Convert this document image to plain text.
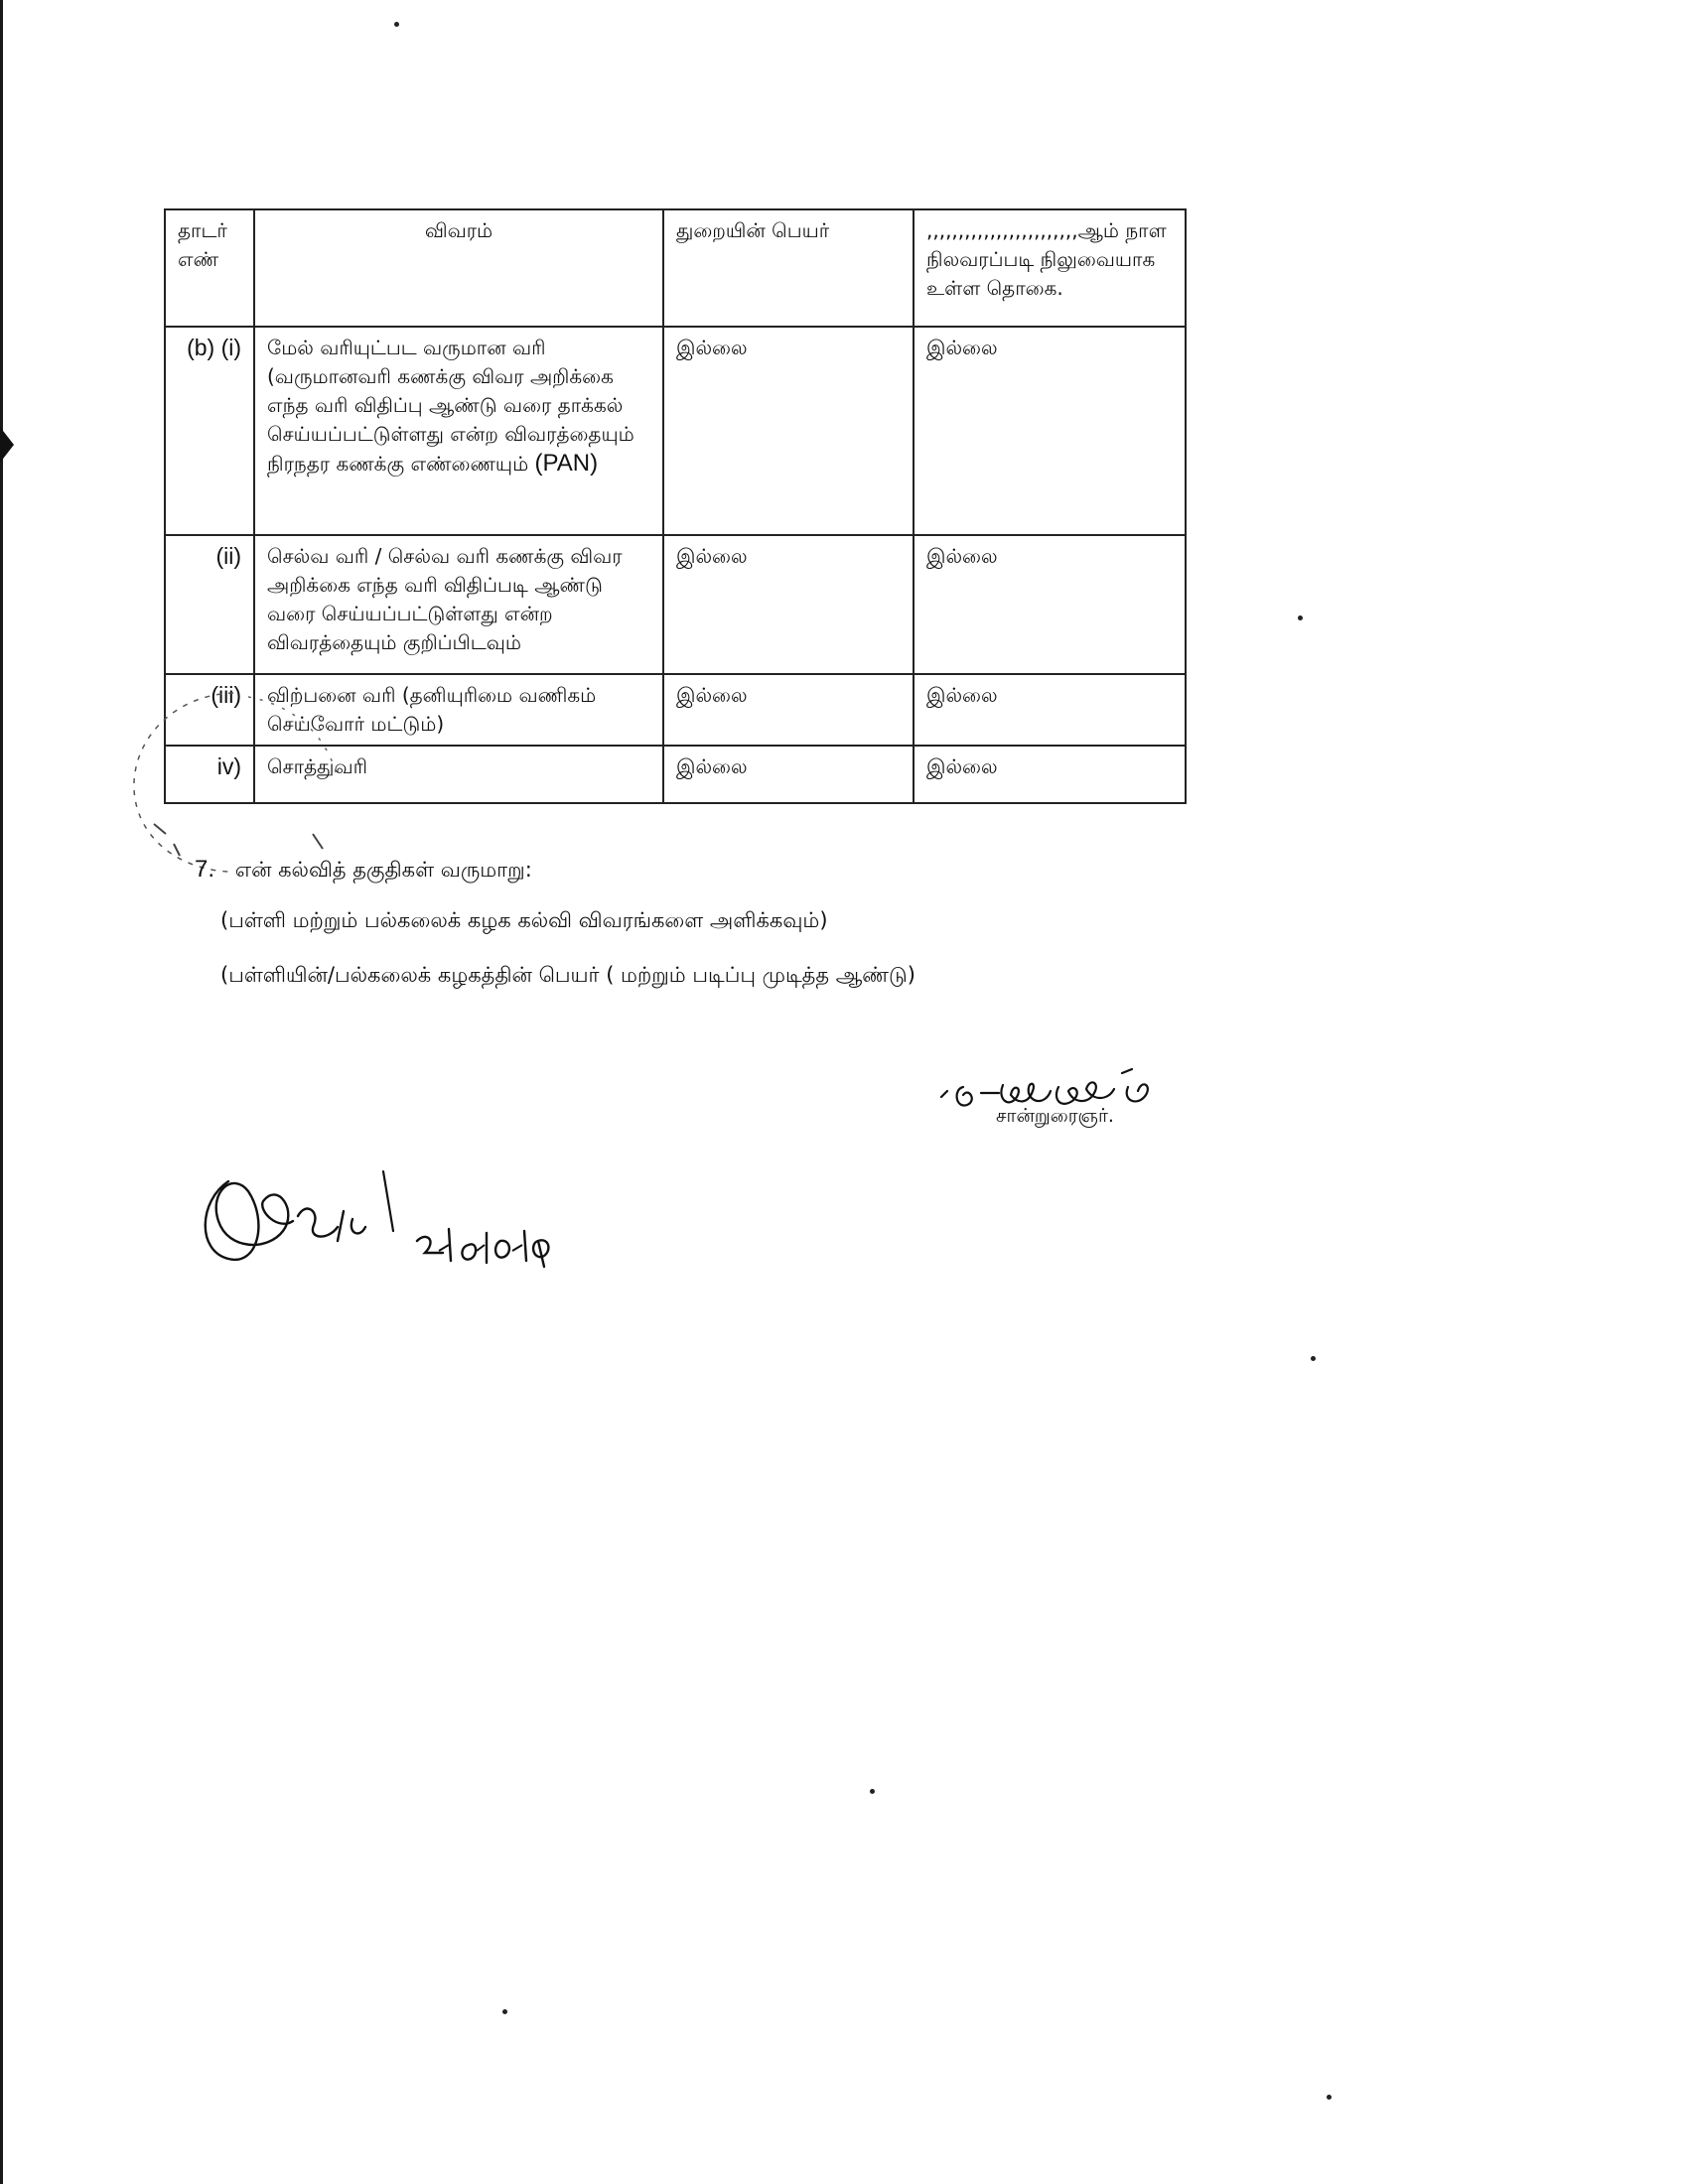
தாடர் எண்	விவரம்	துறையின் பெயர்	,,,,,,,,,,,,,,,,,,,,,,,,ஆம் நாள நிலவரப்படி நிலுவையாக உள்ள தொகை.
(b) (i)	மேல் வரியுட்பட வருமான வரி (வருமானவரி கணக்கு விவர அறிக்கை எந்த வரி விதிப்பு ஆண்டு வரை தாக்கல் செய்யப்பட்டுள்ளது என்ற விவரத்தையும் நிரநதர கணக்கு எண்ணையும் (PAN)	இல்லை	இல்லை
(ii)	செல்வ வரி / செல்வ வரி கணக்கு விவர அறிக்கை எந்த வரி விதிப்படி ஆண்டு வரை செய்யப்பட்டுள்ளது என்ற விவரத்தையும் குறிப்பிடவும்	இல்லை	இல்லை
(iii)	விற்பனை வரி (தனியுரிமை வணிகம் செய்வோர் மட்டும்)	இல்லை	இல்லை
iv)	சொத்துவரி	இல்லை	இல்லை
7. என் கல்வித் தகுதிகள் வருமாறு:
(பள்ளி மற்றும் பல்கலைக் கழக கல்வி விவரங்களை அளிக்கவும்)
(பள்ளியின்/பல்கலைக் கழகத்தின் பெயர் ( மற்றும் படிப்பு முடித்த ஆண்டு)
சான்றுரைஞர்.
